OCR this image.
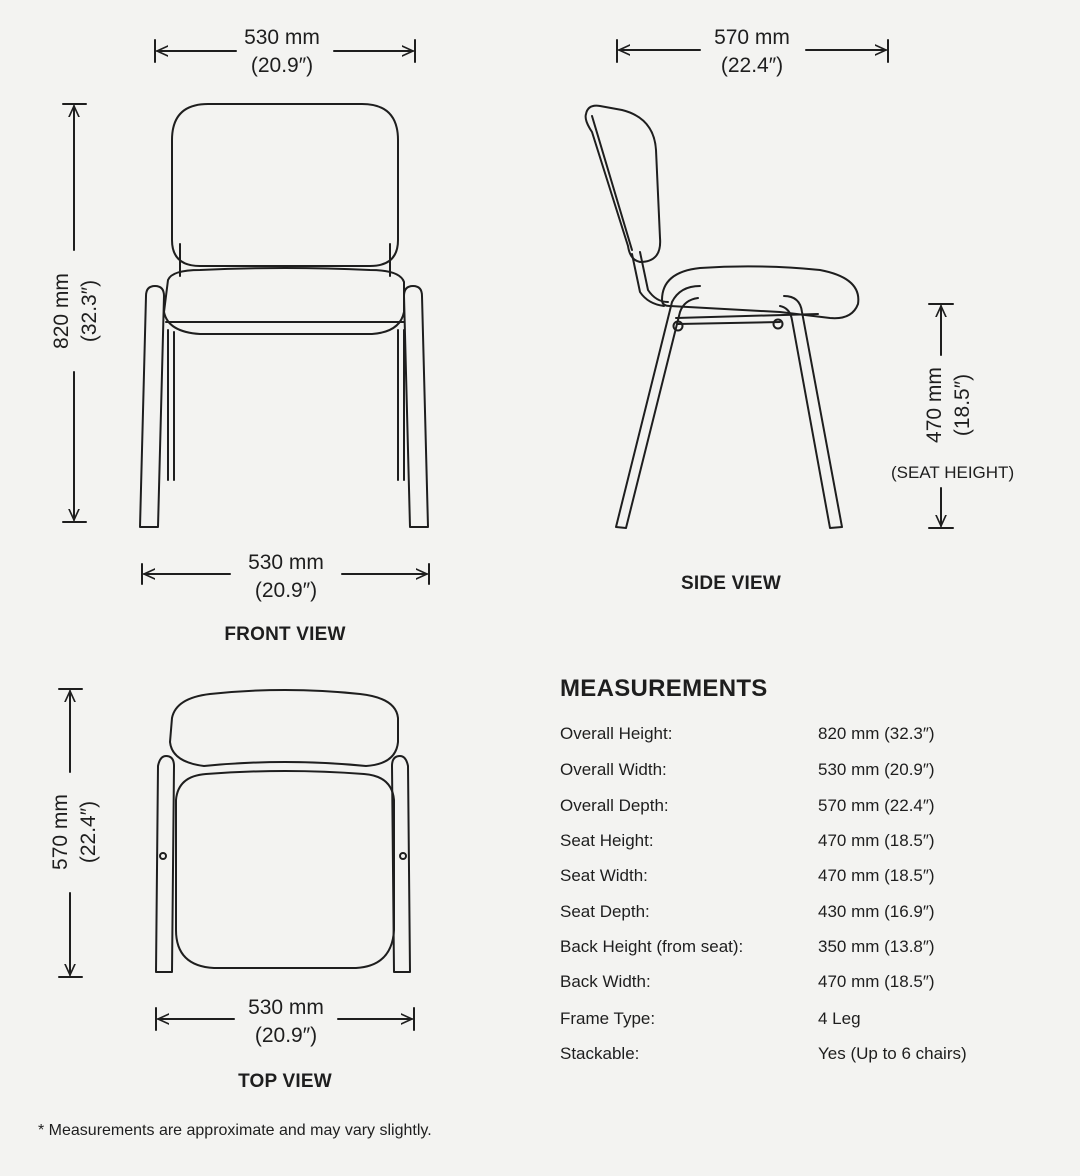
530 mm
(20.9″)
820 mm (32.3″)
530 mm
(20.9″)
FRONT VIEW
570 mm
(22.4″)
470 mm (18.5″)
(SEAT HEIGHT)
SIDE VIEW
570 mm (22.4″)
530 mm
(20.9″)
TOP VIEW
MEASUREMENTS
Overall Height:	820 mm (32.3″)
Overall Width:	530 mm (20.9″)
Overall Depth:	570 mm (22.4″)
Seat Height:	470 mm (18.5″)
Seat Width:	470 mm (18.5″)
Seat Depth:	430 mm (16.9″)
Back Height (from seat):	350 mm (13.8″)
Back Width:	470 mm (18.5″)
Frame Type:	4 Leg
Stackable:	Yes (Up to 6 chairs)
* Measurements are approximate and may vary slightly.
